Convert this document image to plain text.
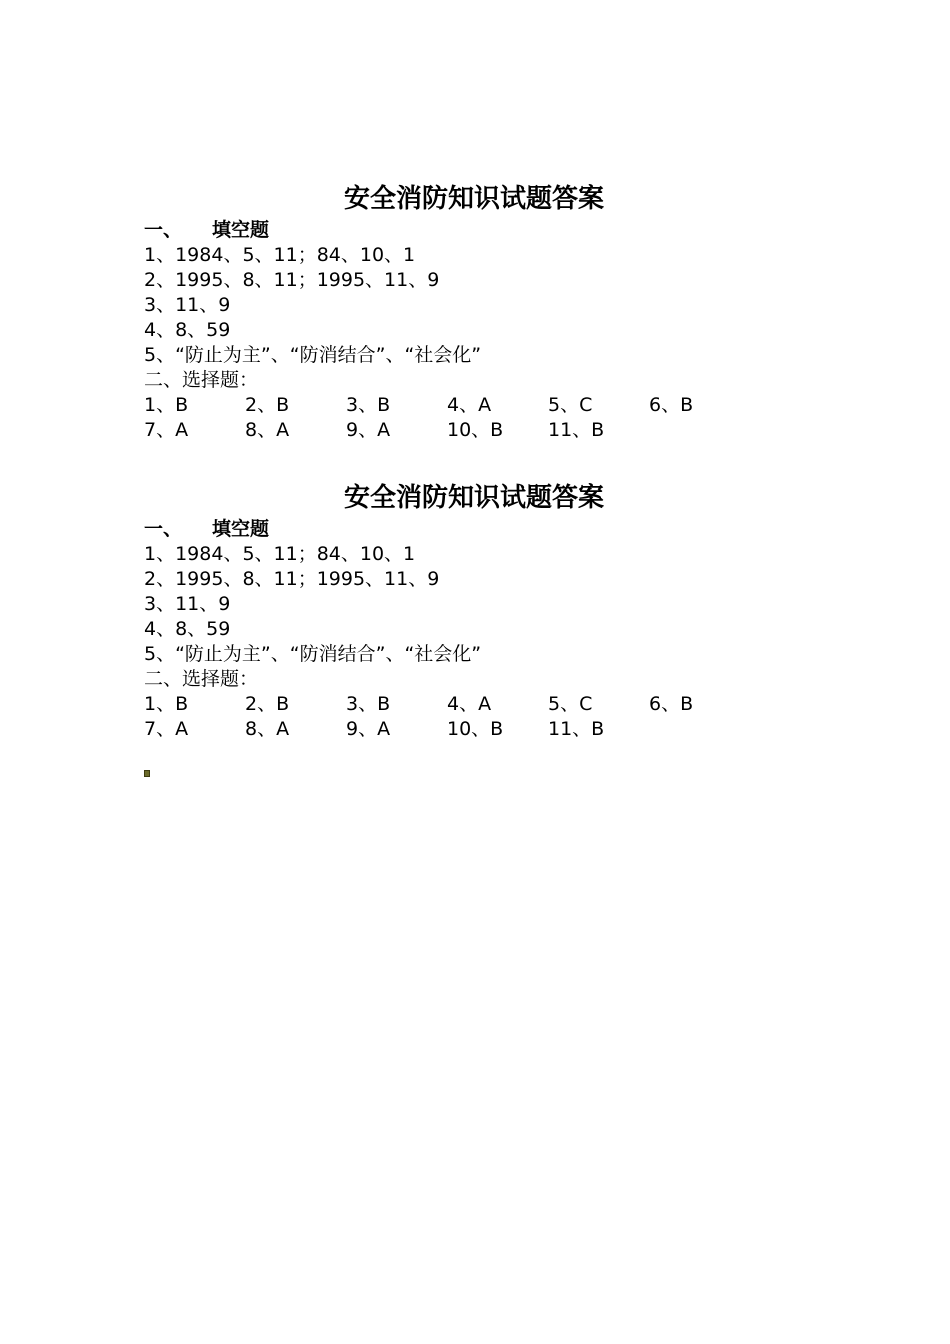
安全消防知识试题答案
一、 填空题
1、1984、5、11；84、10、1
2、1995、8、11；1995、11、9
3、11、9
4、8、59
5、“防止为主”、“防消结合”、“社会化”
二、选择题：
1、B	2、B	3、B	4、A	5、C	6、B
7、A	8、A	9、A	10、B 11、B
安全消防知识试题答案
一、 填空题
1、1984、5、11；84、10、1
2、1995、8、11；1995、11、9
3、11、9
4、8、59
5、“防止为主”、“防消结合”、“社会化”
二、选择题：
1、B	2、B	3、B	4、A	5、C	6、B
7、A	8、A	9、A	10、B 11、B
